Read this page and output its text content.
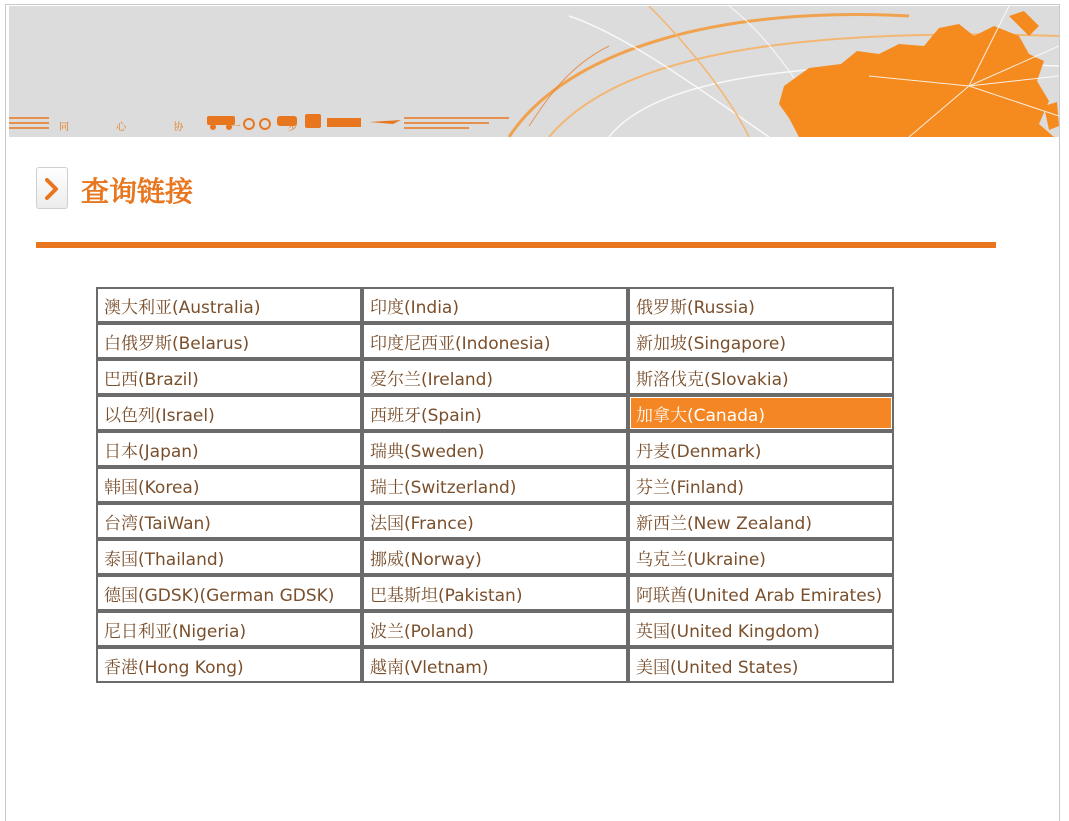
同 心 协 一 步
查询链接
澳大利亚(Australia)	印度(India)	俄罗斯(Russia)
白俄罗斯(Belarus)	印度尼西亚(Indonesia)	新加坡(Singapore)
巴西(Brazil)	爱尔兰(Ireland)	斯洛伐克(Slovakia)
以色列(Israel)	西班牙(Spain)	加拿大(Canada)
日本(Japan)	瑞典(Sweden)	丹麦(Denmark)
韩国(Korea)	瑞士(Switzerland)	芬兰(Finland)
台湾(TaiWan)	法国(France)	新西兰(New Zealand)
泰国(Thailand)	挪威(Norway)	乌克兰(Ukraine)
德国(GDSK)(German GDSK)	巴基斯坦(Pakistan)	阿联酋(United Arab Emirates)
尼日利亚(Nigeria)	波兰(Poland)	英国(United Kingdom)
香港(Hong Kong)	越南(Vletnam)	美国(United States)
